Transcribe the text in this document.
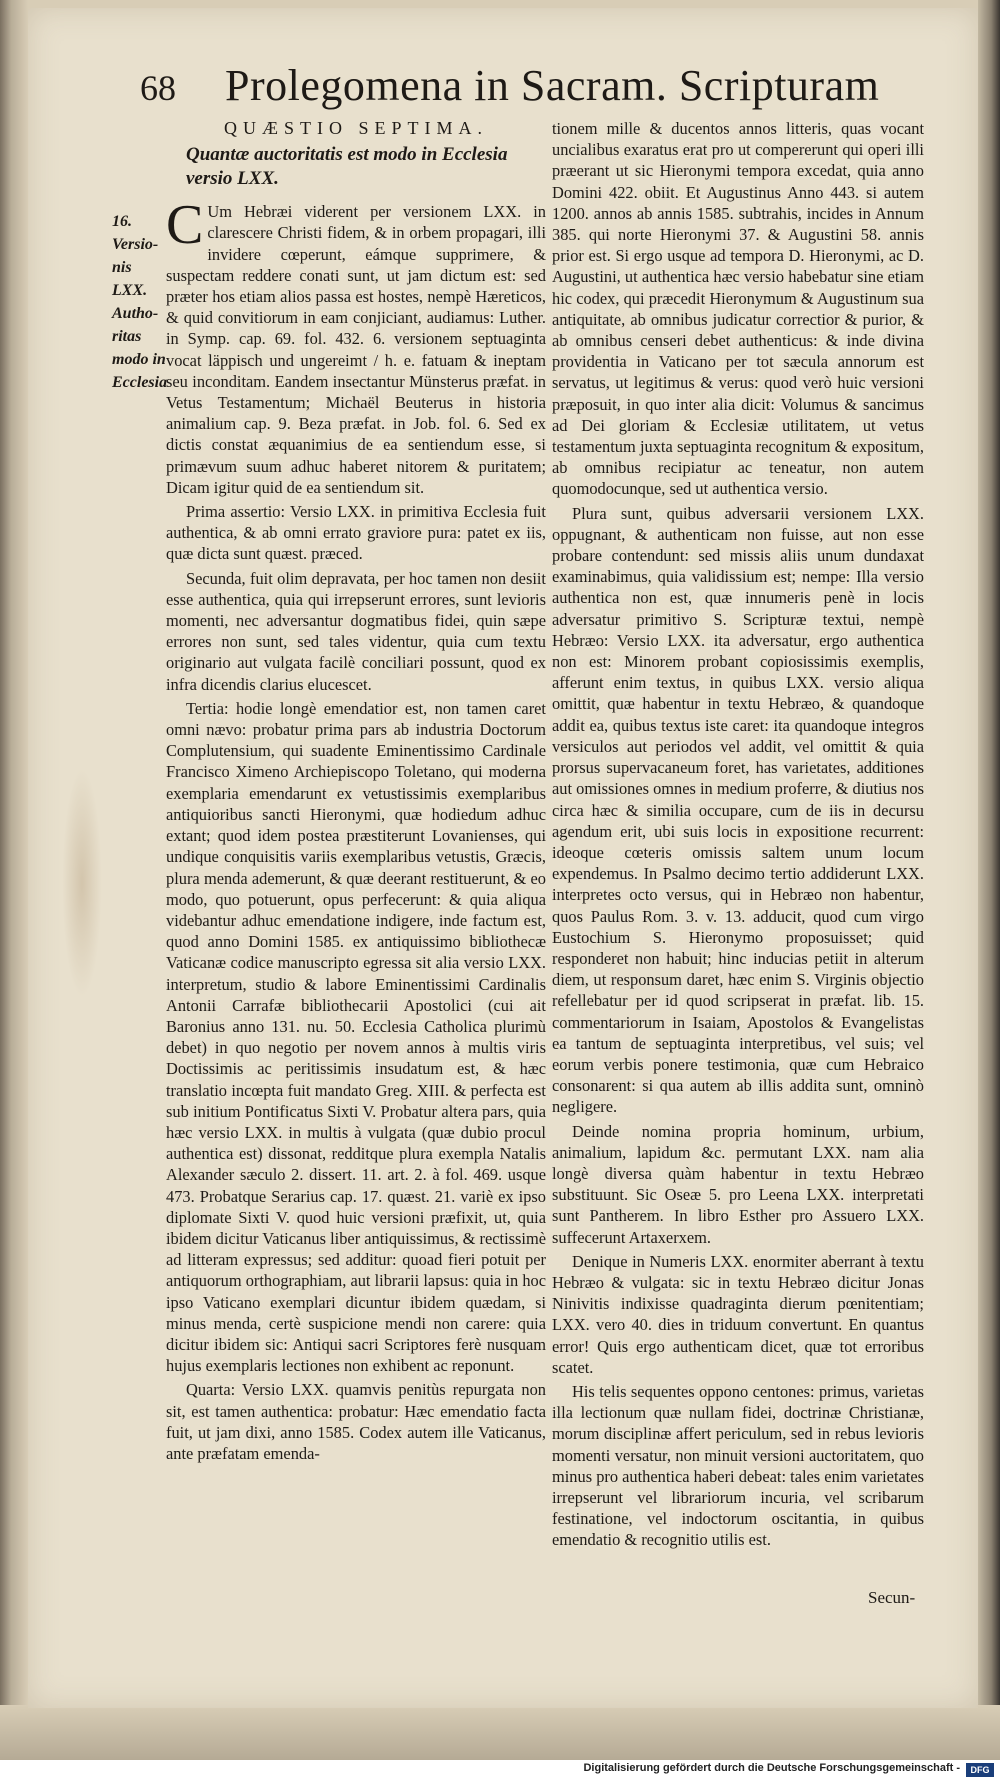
68 Prolegomena in Sacram. Scripturam
16.
Versio-
nis
LXX.
Autho-
ritas
modo in
Ecclesia
QUÆSTIO SEPTIMA.
Quantæ auctoritatis est modo in Ecclesia versio LXX.

C Um Hebræi viderent per versionem LXX. in clarescere Christi fidem, & in orbem propagari, illi invidere cœperunt, eámque supprimere, & suspectam reddere conati sunt, ut jam dictum est: sed præter hos etiam alios passa est hostes, nempè Hæreticos, & quid convitiorum in eam conjiciant, audiamus: Luther. in Symp. cap. 69. fol. 432. 6. versionem septuaginta vocat läppisch und ungereimt / h. e. fatuam & ineptam seu inconditam. Eandem insectantur Münsterus præfat. in Vetus Testamentum; Michaël Beuterus in historia animalium cap. 9. Beza præfat. in Job. fol. 6. Sed ex dictis constat æquanimius de ea sentiendum esse, si primævum suum adhuc haberet nitorem & puritatem; Dicam igitur quid de ea sentiendum sit.

Prima assertio: Versio LXX. in primitiva Ecclesia fuit authentica, & ab omni errato graviore pura: patet ex iis, quæ dicta sunt quæst. præced.

Secunda, fuit olim depravata, per hoc tamen non desiit esse authentica, quia qui irrepserunt errores, sunt levioris momenti, nec adversantur dogmatibus fidei, quin sæpe errores non sunt, sed tales videntur, quia cum textu originario aut vulgata facilè conciliari possunt, quod ex infra dicendis clarius elucescet.

Tertia: hodie longè emendatior est, non tamen caret omni nævo: probatur prima pars ab industria Doctorum Complutensium, qui suadente Eminentissimo Cardinale Francisco Ximeno Archiepiscopo Toletano, qui moderna exemplaria emendarunt ex vetustissimis exemplaribus antiquioribus sancti Hieronymi, quæ hodiedum adhuc extant; quod idem postea præstiterunt Lovanienses, qui undique conquisitis variis exemplaribus vetustis, Græcis, plura menda ademerunt, & quæ deerant restituerunt, & eo modo, quo potuerunt, opus perfecerunt: & quia aliqua videbantur adhuc emendatione indigere, inde factum est, quod anno Domini 1585. ex antiquissimo bibliothecæ Vaticanæ codice manuscripto egressa sit alia versio LXX. interpretum, studio & labore Eminentissimi Cardinalis Antonii Carrafæ bibliothecarii Apostolici (cui ait Baronius anno 131. nu. 50. Ecclesia Catholica plurimù debet) in quo negotio per novem annos à multis viris Doctissimis ac peritissimis insudatum est, & hæc translatio incœpta fuit mandato Greg. XIII. & perfecta est sub initium Pontificatus Sixti V. Probatur altera pars, quia hæc versio LXX. in multis à vulgata (quæ dubio procul authentica est) dissonat, redditque plura exempla Natalis Alexander sæculo 2. dissert. 11. art. 2. à fol. 469. usque 473. Probatque Serarius cap. 17. quæst. 21. variè ex ipso diplomate Sixti V. quod huic versioni præfixit, ut, quia ibidem dicitur Vaticanus liber antiquissimus, & rectissimè ad litteram expressus; sed additur: quoad fieri potuit per antiquorum orthographiam, aut librarii lapsus: quia in hoc ipso Vaticano exemplari dicuntur ibidem quædam, si minus menda, certè suspicione mendi non carere: quia dicitur ibidem sic: Antiqui sacri Scriptores ferè nusquam hujus exemplaris lectiones non exhibent ac reponunt.

Quarta: Versio LXX. quamvis penitùs repurgata non sit, est tamen authentica: probatur: Hæc emendatio facta fuit, ut jam dixi, anno 1585. Codex autem ille Vaticanus, ante præfatam emenda-

tionem mille & ducentos annos litteris, quas vocant uncialibus exaratus erat pro ut compererunt qui operi illi præerant ut sic Hieronymi tempora excedat, quia anno Domini 422. obiit. Et Augustinus Anno 443. si autem 1200. annos ab annis 1585. subtrahis, incides in Annum 385. qui norte Hieronymi 37. & Augustini 58. annis prior est. Si ergo usque ad tempora D. Hieronymi, ac D. Augustini, ut authentica hæc versio habebatur sine etiam hic codex, qui præcedit Hieronymum & Augustinum sua antiquitate, ab omnibus judicatur correctior & purior, & ab omnibus censeri debet authenticus: & inde divina providentia in Vaticano per tot sæcula annorum est servatus, ut legitimus & verus: quod verò huic versioni præposuit, in quo inter alia dicit: Volumus & sancimus ad Dei gloriam & Ecclesiæ utilitatem, ut vetus testamentum juxta septuaginta recognitum & expositum, ab omnibus recipiatur ac teneatur, non autem quomodocunque, sed ut authentica versio.

Plura sunt, quibus adversarii versionem LXX. oppugnant, & authenticam non fuisse, aut non esse probare contendunt: sed missis aliis unum dundaxat examinabimus, quia validissium est; nempe: Illa versio authentica non est, quæ innumeris penè in locis adversatur primitivo S. Scripturæ textui, nempè Hebræo: Versio LXX. ita adversatur, ergo authentica non est: Minorem probant copiosissimis exemplis, afferunt enim textus, in quibus LXX. versio aliqua omittit, quæ habentur in textu Hebræo, & quandoque addit ea, quibus textus iste caret: ita quandoque integros versiculos aut periodos vel addit, vel omittit & quia prorsus supervacaneum foret, has varietates, additiones aut omissiones omnes in medium proferre, & diutius nos circa hæc & similia occupare, cum de iis in decursu agendum erit, ubi suis locis in expositione recurrent: ideoque cœteris omissis saltem unum locum expendemus. In Psalmo decimo tertio addiderunt LXX. interpretes octo versus, qui in Hebræo non habentur, quos Paulus Rom. 3. v. 13. adducit, quod cum virgo Eustochium S. Hieronymo proposuisset; quid responderet non habuit; hinc inducias petiit in alterum diem, ut responsum daret, hæc enim S. Virginis objectio refellebatur per id quod scripserat in præfat. lib. 15. commentariorum in Isaiam, Apostolos & Evangelistas ea tantum de septuaginta interpretibus, vel suis; vel eorum verbis ponere testimonia, quæ cum Hebraico consonarent: si qua autem ab illis addita sunt, omninò negligere.

Deinde nomina propria hominum, urbium, animalium, lapidum &c. permutant LXX. nam alia longè diversa quàm habentur in textu Hebræo substituunt. Sic Oseæ 5. pro Leena LXX. interpretati sunt Pantherem. In libro Esther pro Assuero LXX. suffecerunt Artaxerxem.

Denique in Numeris LXX. enormiter aberrant à textu Hebræo & vulgata: sic in textu Hebræo dicitur Jonas Ninivitis indixisse quadraginta dierum pœnitentiam; LXX. vero 40. dies in triduum convertunt. En quantus error! Quis ergo authenticam dicet, quæ tot erroribus scatet.

His telis sequentes oppono centones: primus, varietas illa lectionum quæ nullam fidei, doctrinæ Christianæ, morum disciplinæ affert periculum, sed in rebus levioris momenti versatur, non minuit versioni auctoritatem, quo minus pro authentica haberi debeat: tales enim varietates irrepserunt vel librariorum incuria, vel scribarum festinatione, vel indoctorum oscitantia, in quibus emendatio & recognitio utilis est.

Secun-
Digitalisierung gefördert durch die Deutsche Forschungsgemeinschaft -	DFG
